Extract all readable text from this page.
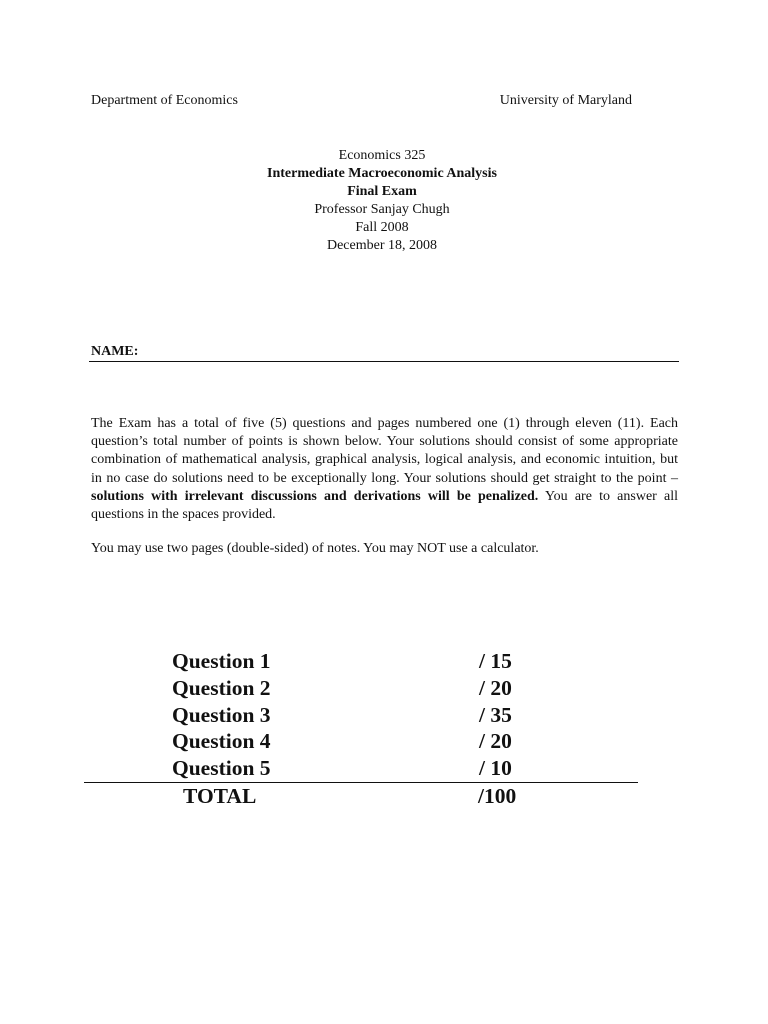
Department of Economics	University of Maryland
Economics 325
Intermediate Macroeconomic Analysis
Final Exam
Professor Sanjay Chugh
Fall 2008
December 18, 2008
NAME:
The Exam has a total of five (5) questions and pages numbered one (1) through eleven (11). Each question’s total number of points is shown below. Your solutions should consist of some appropriate combination of mathematical analysis, graphical analysis, logical analysis, and economic intuition, but in no case do solutions need to be exceptionally long. Your solutions should get straight to the point – solutions with irrelevant discussions and derivations will be penalized. You are to answer all questions in the spaces provided.
You may use two pages (double-sided) of notes. You may NOT use a calculator.
Question 1	/ 15
Question 2	/ 20
Question 3	/ 35
Question 4	/ 20
Question 5	/ 10
TOTAL	/100
